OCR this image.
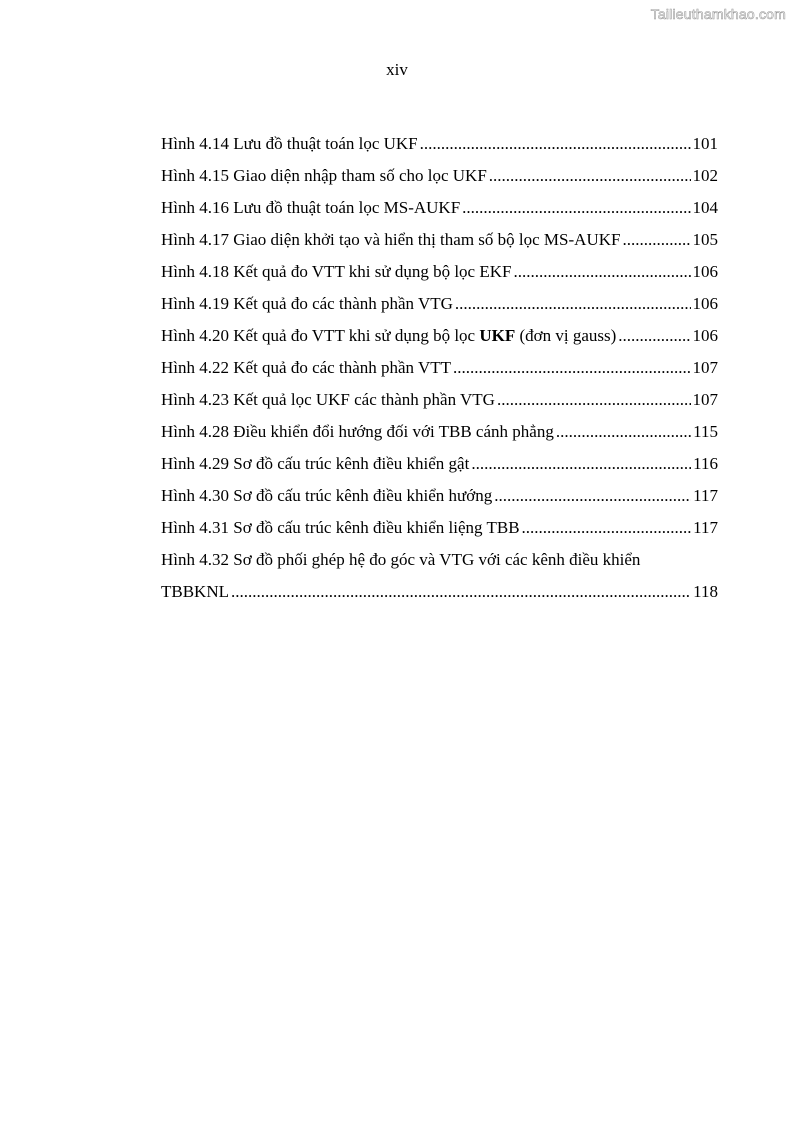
Tailieuthamkhao.com
xiv
Hình 4.14 Lưu đồ thuật toán lọc UKF .....	101
Hình 4.15 Giao diện nhập tham số cho lọc UKF .....	102
Hình 4.16 Lưu đồ thuật toán lọc MS-AUKF .....	104
Hình 4.17 Giao diện khởi tạo và hiển thị tham số bộ lọc MS-AUKF .....	105
Hình 4.18 Kết quả đo VTT khi sử dụng bộ lọc EKF .....	106
Hình 4.19 Kết quả đo các thành phần VTG .....	106
Hình 4.20 Kết quả đo VTT khi sử dụng bộ lọc UKF (đơn vị gauss) .....	106
Hình 4.22 Kết quả đo các thành phần VTT .....	107
Hình 4.23 Kết quả lọc UKF các thành phần VTG .....	107
Hình 4.28 Điều khiển đổi hướng đối với TBB cánh phẳng .....	115
Hình 4.29 Sơ đồ cấu trúc kênh điều khiển gật .....	116
Hình 4.30 Sơ đồ cấu trúc kênh điều khiển hướng .....	117
Hình 4.31 Sơ đồ cấu trúc kênh điều khiển liệng TBB .....	117
Hình 4.32 Sơ đồ phối ghép hệ đo góc và VTG với các kênh điều khiển
TBBKNL .....	118
